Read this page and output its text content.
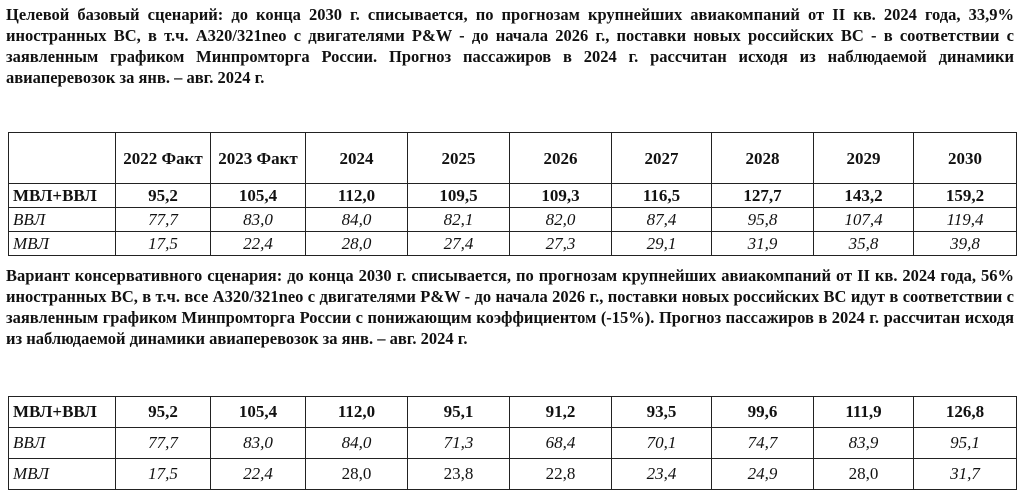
Целевой базовый сценарий: до конца 2030 г. списывается, по прогнозам крупнейших авиакомпаний от II кв. 2024 года, 33,9% иностранных ВС, в т.ч. A320/321neo с двигателями P&W - до начала 2026 г., поставки новых российских ВС - в соответствии с заявленным графиком Минпромторга России. Прогноз пассажиров в 2024 г. рассчитан исходя из наблюдаемой динамики авиаперевозок за янв. – авг. 2024 г.

	2022 Факт	2023 Факт	2024	2025	2026	2027	2028	2029	2030
МВЛ+ВВЛ	95,2	105,4	112,0	109,5	109,3	116,5	127,7	143,2	159,2
ВВЛ	77,7	83,0	84,0	82,1	82,0	87,4	95,8	107,4	119,4
МВЛ	17,5	22,4	28,0	27,4	27,3	29,1	31,9	35,8	39,8

Вариант консервативного сценария: до конца 2030 г. списывается, по прогнозам крупнейших авиакомпаний от II кв. 2024 года, 56% иностранных ВС, в т.ч. все A320/321neo с двигателями P&W - до начала 2026 г., поставки новых российских ВС идут в соответствии с заявленным графиком Минпромторга России с понижающим коэффициентом (-15%). Прогноз пассажиров в 2024 г. рассчитан исходя из наблюдаемой динамики авиаперевозок за янв. – авг. 2024 г.

МВЛ+ВВЛ	95,2	105,4	112,0	95,1	91,2	93,5	99,6	111,9	126,8
ВВЛ	77,7	83,0	84,0	71,3	68,4	70,1	74,7	83,9	95,1
МВЛ	17,5	22,4	28,0	23,8	22,8	23,4	24,9	28,0	31,7
